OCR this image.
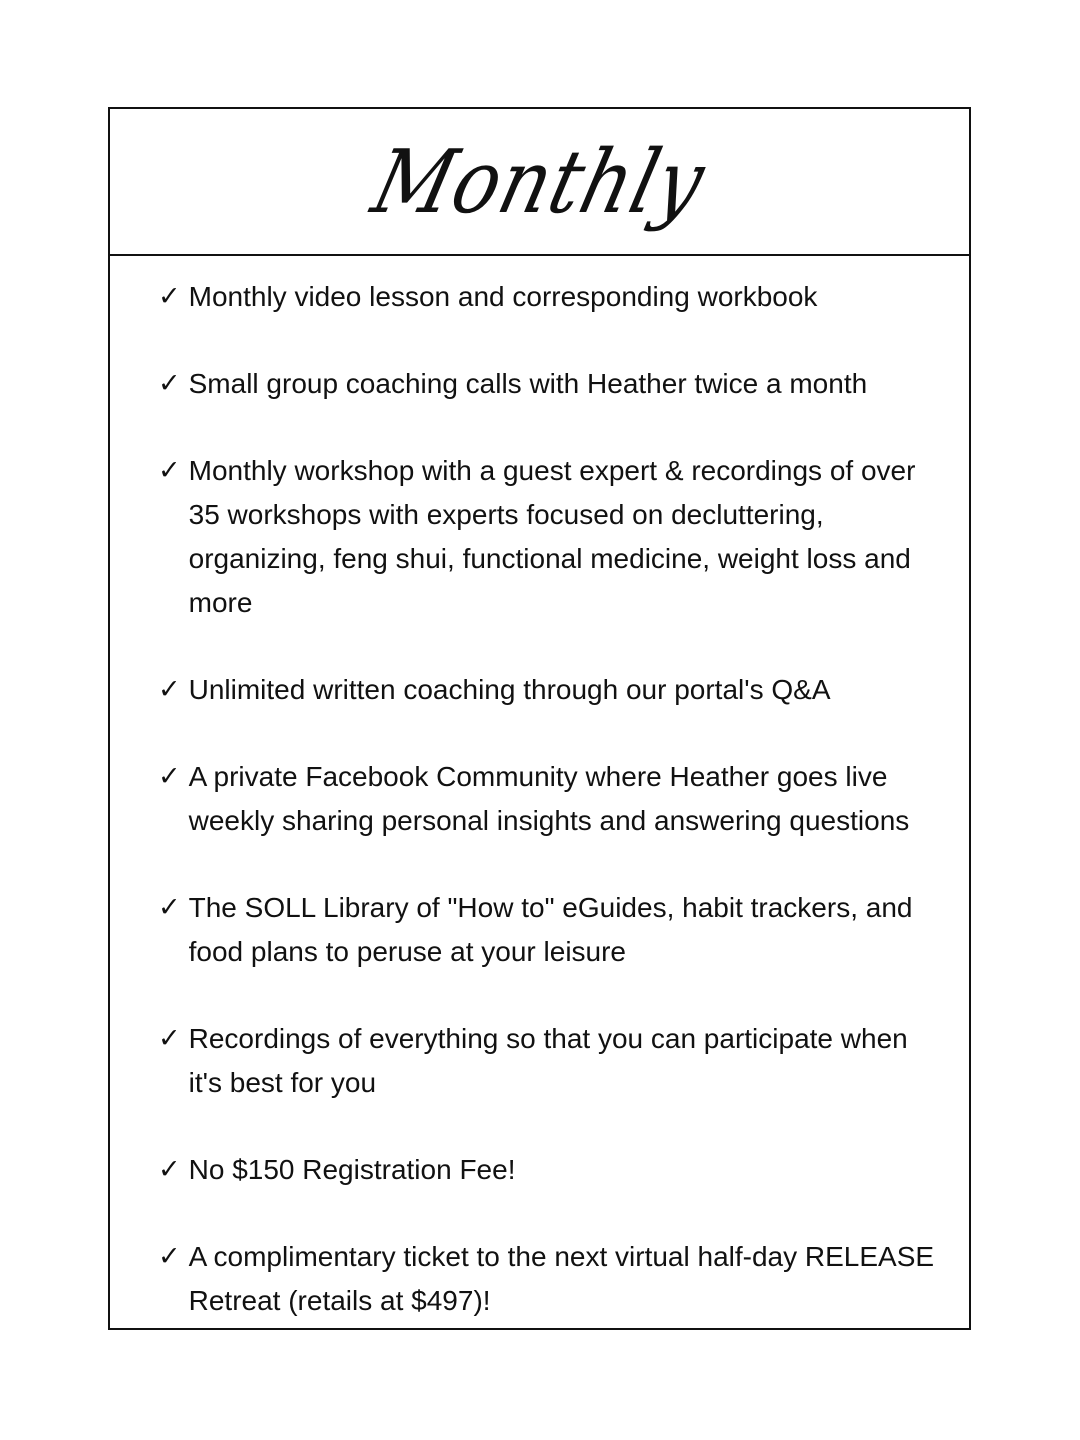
Monthly
✓ Monthly video lesson and corresponding workbook
✓ Small group coaching calls with Heather twice a month
✓ Monthly workshop with a guest expert & recordings of over 35 workshops with experts focused on decluttering, organizing, feng shui, functional medicine, weight loss and more
✓ Unlimited written coaching through our portal's Q&A
✓ A private Facebook Community where Heather goes live weekly sharing personal insights and answering questions
✓ The SOLL Library of "How to" eGuides, habit trackers, and food plans to peruse at your leisure
✓ Recordings of everything so that you can participate when it's best for you
✓ No $150 Registration Fee!
✓ A complimentary ticket to the next virtual half-day RELEASE Retreat (retails at $497)!
